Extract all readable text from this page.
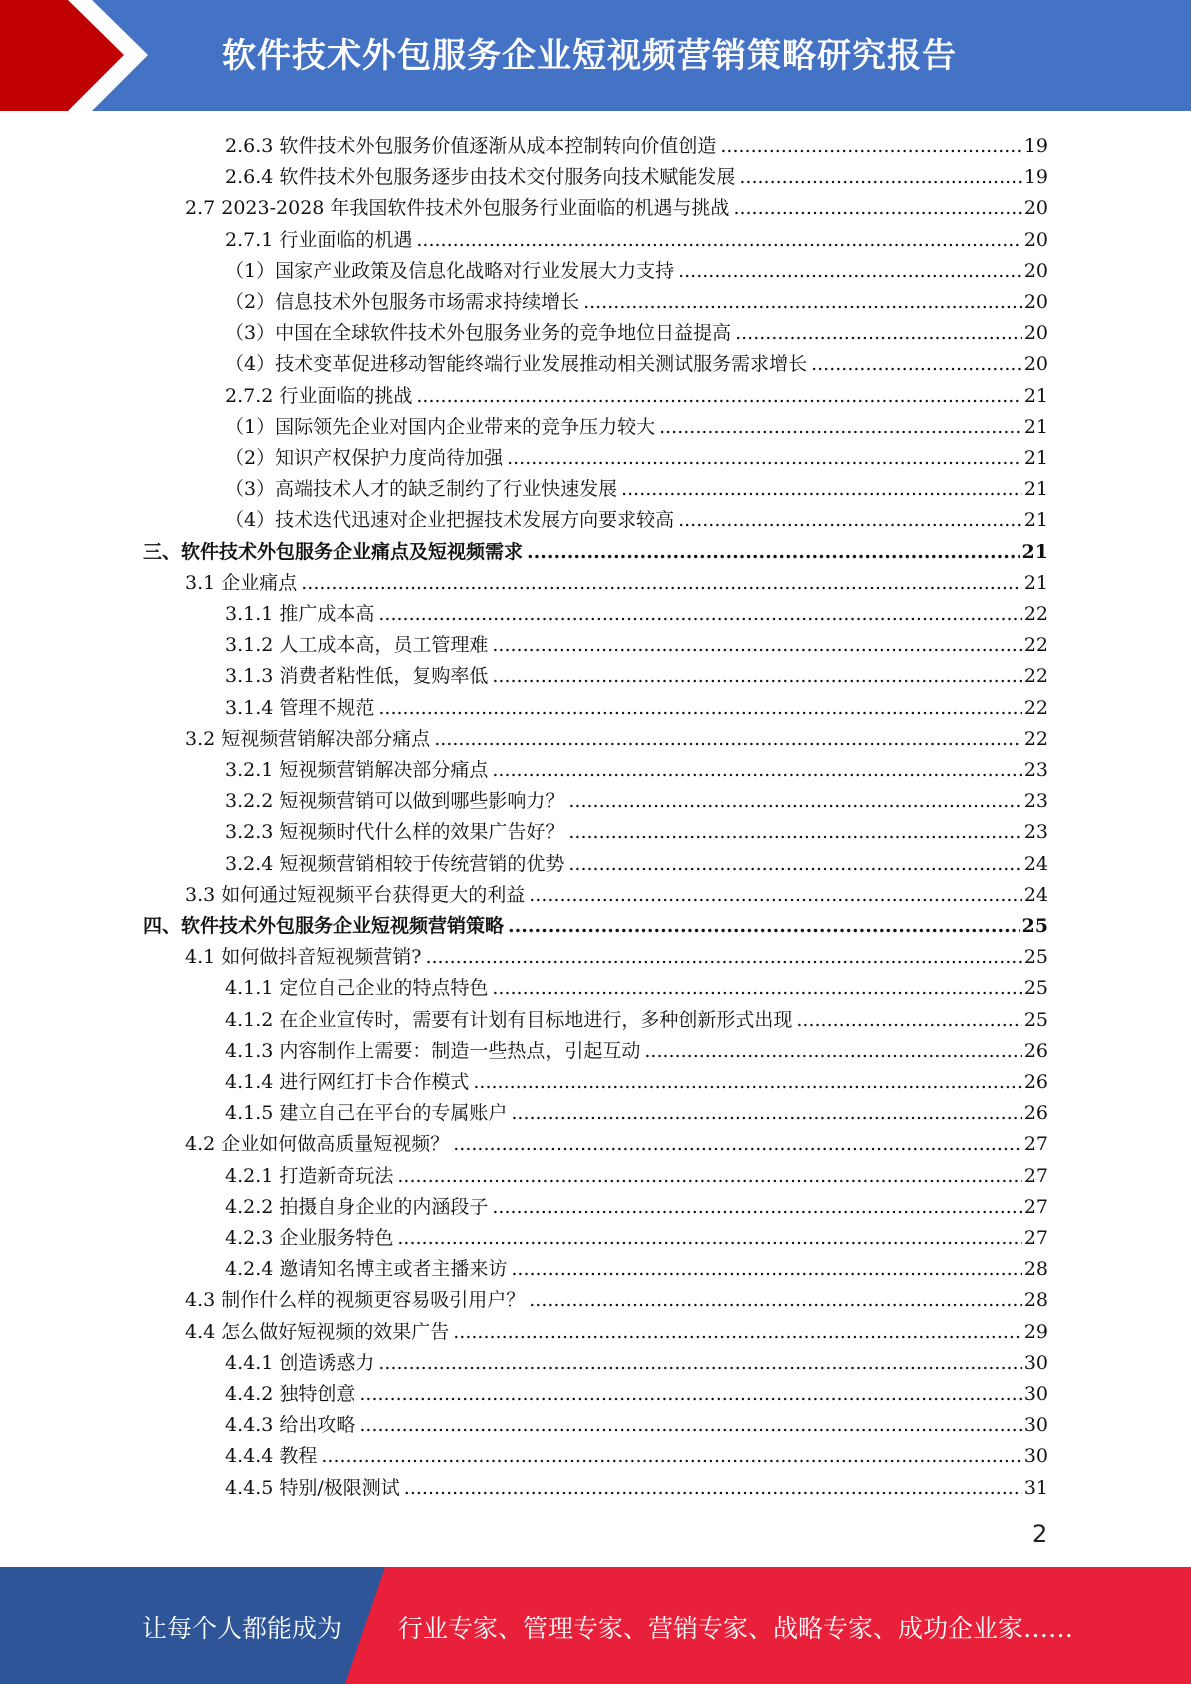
软件技术外包服务企业短视频营销策略研究报告
2.6.3 软件技术外包服务价值逐渐从成本控制转向价值创造 .....	19
2.6.4 软件技术外包服务逐步由技术交付服务向技术赋能发展 .....	19
2.7 2023-2028 年我国软件技术外包服务行业面临的机遇与挑战 .....	20
2.7.1 行业面临的机遇 .....	20
（1）国家产业政策及信息化战略对行业发展大力支持 .....	20
（2）信息技术外包服务市场需求持续增长 .....	20
（3）中国在全球软件技术外包服务业务的竞争地位日益提高 .....	20
（4）技术变革促进移动智能终端行业发展推动相关测试服务需求增长 .....	20
2.7.2 行业面临的挑战 .....	21
（1）国际领先企业对国内企业带来的竞争压力较大 .....	21
（2）知识产权保护力度尚待加强 .....	21
（3）高端技术人才的缺乏制约了行业快速发展 .....	21
（4）技术迭代迅速对企业把握技术发展方向要求较高 .....	21
三、软件技术外包服务企业痛点及短视频需求 .....	21
3.1 企业痛点 .....	21
3.1.1 推广成本高 .....	22
3.1.2 人工成本高，员工管理难 .....	22
3.1.3 消费者粘性低，复购率低 .....	22
3.1.4 管理不规范 .....	22
3.2 短视频营销解决部分痛点 .....	22
3.2.1 短视频营销解决部分痛点 .....	23
3.2.2 短视频营销可以做到哪些影响力？ .....	23
3.2.3 短视频时代什么样的效果广告好？ .....	23
3.2.4 短视频营销相较于传统营销的优势 .....	24
3.3 如何通过短视频平台获得更大的利益 .....	24
四、软件技术外包服务企业短视频营销策略 .....	25
4.1 如何做抖音短视频营销? .....	25
4.1.1 定位自己企业的特点特色 .....	25
4.1.2 在企业宣传时，需要有计划有目标地进行，多种创新形式出现 .....	25
4.1.3 内容制作上需要：制造一些热点，引起互动 .....	26
4.1.4 进行网红打卡合作模式 .....	26
4.1.5 建立自己在平台的专属账户 .....	26
4.2 企业如何做高质量短视频？ .....	27
4.2.1 打造新奇玩法 .....	27
4.2.2 拍摄自身企业的内涵段子 .....	27
4.2.3 企业服务特色 .....	27
4.2.4 邀请知名博主或者主播来访 .....	28
4.3 制作什么样的视频更容易吸引用户？ .....	28
4.4 怎么做好短视频的效果广告 .....	29
4.4.1 创造诱惑力 .....	30
4.4.2 独特创意 .....	30
4.4.3 给出攻略 .....	30
4.4.4 教程 .....	30
4.4.5 特别/极限测试 .....	31
2
让每个人都能成为 行业专家、管理专家、营销专家、战略专家、成功企业家……
